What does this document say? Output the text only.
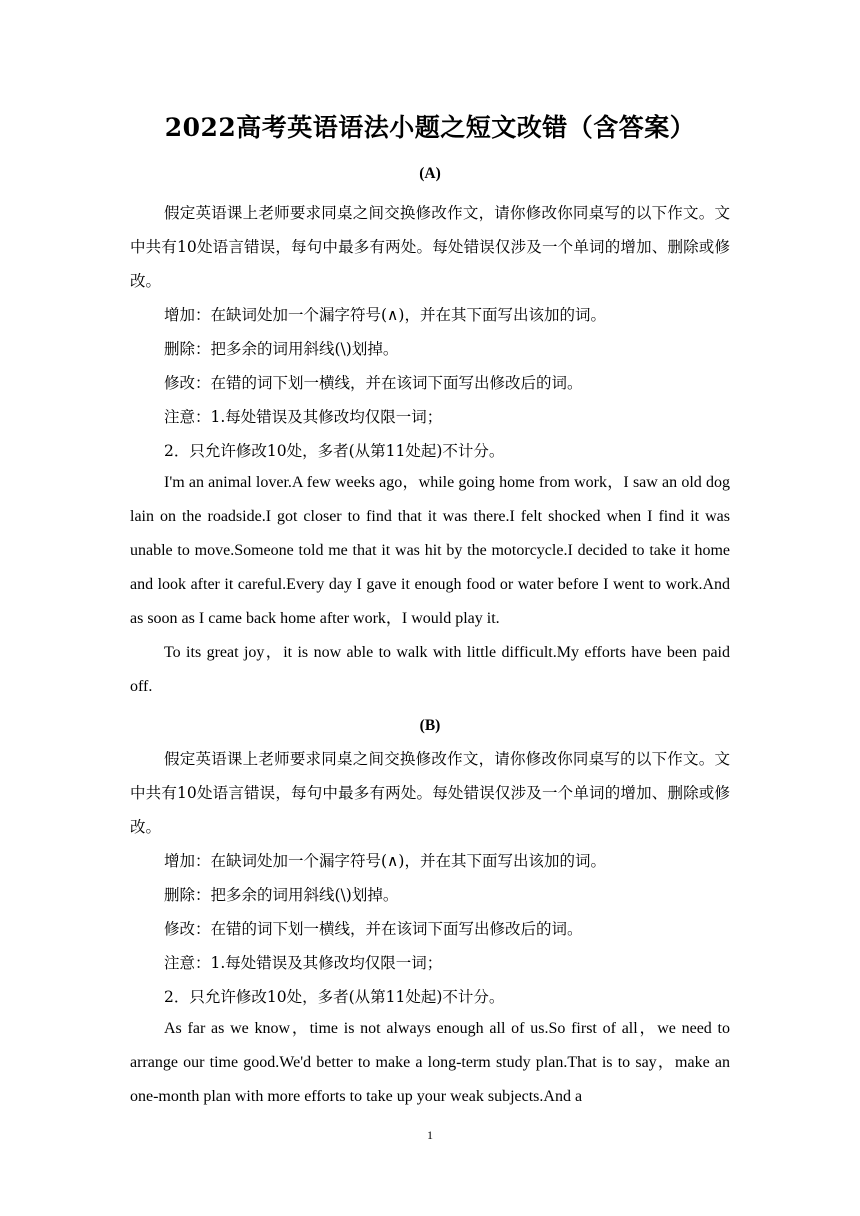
2022高考英语语法小题之短文改错（含答案）
(A)

假定英语课上老师要求同桌之间交换修改作文，请你修改你同桌写的以下作文。文中共有10处语言错误，每句中最多有两处。每处错误仅涉及一个单词的增加、删除或修改。

增加：在缺词处加一个漏字符号(∧)，并在其下面写出该加的词。

删除：把多余的词用斜线(\)划掉。

修改：在错的词下划一横线，并在该词下面写出修改后的词。

注意：1.每处错误及其修改均仅限一词；

2．只允许修改10处，多者(从第11处起)不计分。

I'm an animal lover.A few weeks ago，while going home from work，I saw an old dog lain on the roadside.I got closer to find that it was there.I felt shocked when I find it was unable to move.Someone told me that it was hit by the motorcycle.I decided to take it home and look after it careful.Every day I gave it enough food or water before I went to work.And as soon as I came back home after work，I would play it.

To its great joy，it is now able to walk with little difficult.My efforts have been paid off.

(B)

假定英语课上老师要求同桌之间交换修改作文，请你修改你同桌写的以下作文。文中共有10处语言错误，每句中最多有两处。每处错误仅涉及一个单词的增加、删除或修改。

增加：在缺词处加一个漏字符号(∧)，并在其下面写出该加的词。

删除：把多余的词用斜线(\)划掉。

修改：在错的词下划一横线，并在该词下面写出修改后的词。

注意：1.每处错误及其修改均仅限一词；

2．只允许修改10处，多者(从第11处起)不计分。

As far as we know，time is not always enough all of us.So first of all，we need to arrange our time good.We'd better to make a long-term study plan.That is to say，make an one-month plan with more efforts to take up your weak subjects.And a

1
